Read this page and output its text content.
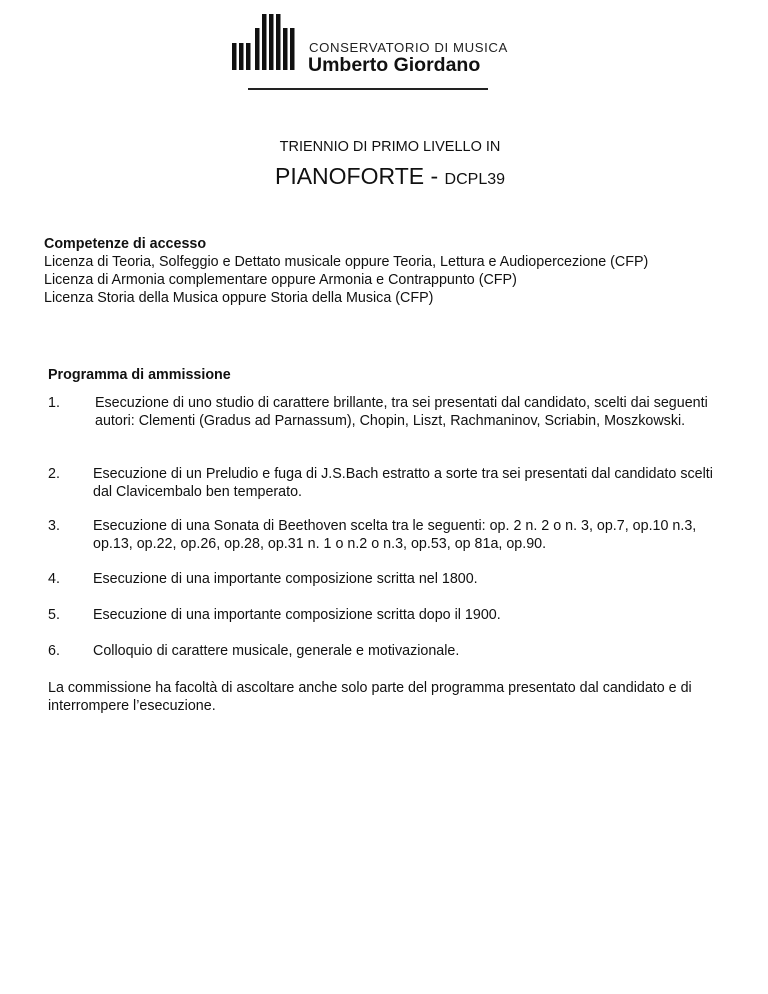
CONSERVATORIO DI MUSICA
Umberto Giordano
TRIENNIO DI PRIMO LIVELLO IN
PIANOFORTE - DCPL39
Competenze di accesso

Licenza di Teoria, Solfeggio e Dettato musicale oppure Teoria, Lettura e Audiopercezione (CFP)

Licenza di Armonia complementare oppure Armonia e Contrappunto (CFP)

Licenza Storia della Musica oppure Storia della Musica (CFP)

Programma di ammissione
1. Esecuzione di uno studio di carattere brillante, tra sei presentati dal candidato, scelti dai seguenti autori: Clementi (Gradus ad Parnassum), Chopin, Liszt, Rachmaninov, Scriabin, Moszkowski.
2. Esecuzione di un Preludio e fuga di J.S.Bach estratto a sorte tra sei presentati dal candidato scelti dal Clavicembalo ben temperato.
3. Esecuzione di una Sonata di Beethoven scelta tra le seguenti: op. 2 n. 2 o n. 3, op.7, op.10 n.3, op.13, op.22, op.26, op.28, op.31 n. 1 o n.2 o n.3, op.53, op 81a, op.90.
4. Esecuzione di una importante composizione scritta nel 1800.
5. Esecuzione di una importante composizione scritta dopo il 1900.
6. Colloquio di carattere musicale, generale e motivazionale.
La commissione ha facoltà di ascoltare anche solo parte del programma presentato dal candidato e di interrompere l’esecuzione.
